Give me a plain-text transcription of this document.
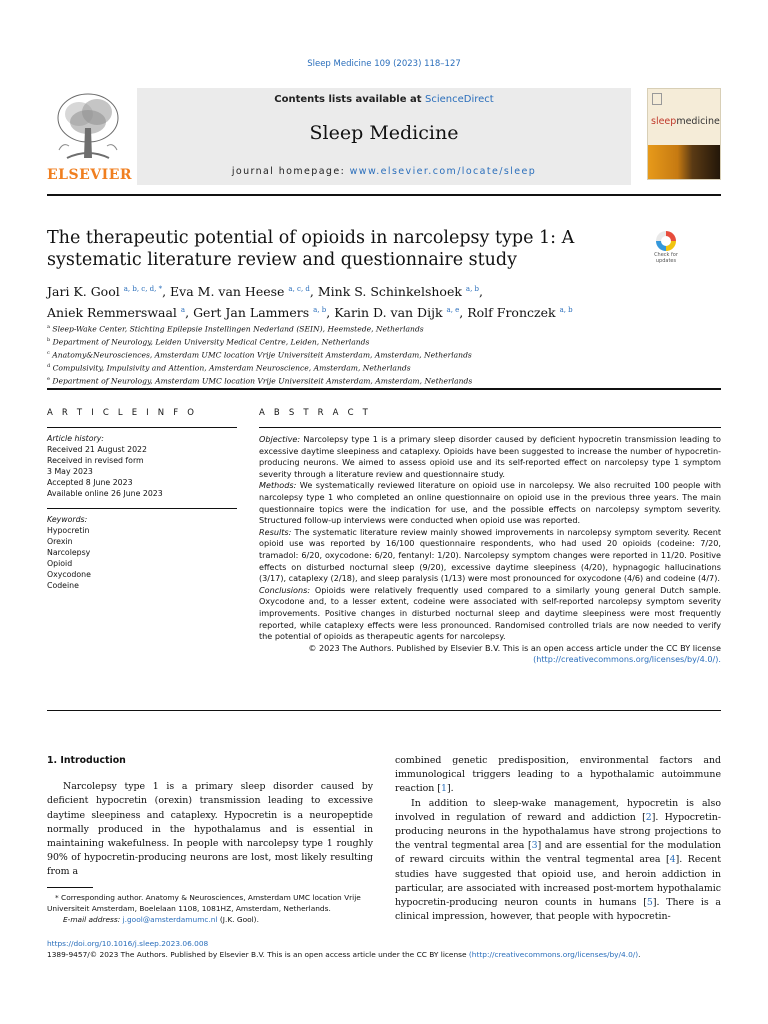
Sleep Medicine 109 (2023) 118–127
ELSEVIER
Contents lists available at ScienceDirect
Sleep Medicine
journal homepage: www.elsevier.com/locate/sleep
sleepmedicine
The therapeutic potential of opioids in narcolepsy type 1: A systematic literature review and questionnaire study	Check for updates
Jari K. Gool $^{a, b, c, d, *}$, Eva M. van Heese $^{a, c, d}$, Mink S. Schinkelshoek $^{a, b}$,
Aniek Remmerswaal $^a$, Gert Jan Lammers $^{a, b}$, Karin D. van Dijk $^{a, e}$, Rolf Fronczek $^{a, b}$
$^a$ Sleep-Wake Center, Stichting Epilepsie Instellingen Nederland (SEIN), Heemstede, Netherlands
$^b$ Department of Neurology, Leiden University Medical Centre, Leiden, Netherlands
$^c$ Anatomy&Neurosciences, Amsterdam UMC location Vrije Universiteit Amsterdam, Amsterdam, Netherlands
$^d$ Compulsivity, Impulsivity and Attention, Amsterdam Neuroscience, Amsterdam, Netherlands
$^e$ Department of Neurology, Amsterdam UMC location Vrije Universiteit Amsterdam, Amsterdam, Netherlands
A R T I C L E I N F O	A B S T R A C T
Article history:
Received 21 August 2022
Received in revised form
3 May 2023
Accepted 8 June 2023
Available online 26 June 2023
Keywords:
Hypocretin
Orexin
Narcolepsy
Opioid
Oxycodone
Codeine
Objective: Narcolepsy type 1 is a primary sleep disorder caused by deficient hypocretin transmission leading to excessive daytime sleepiness and cataplexy. Opioids have been suggested to increase the number of hypocretin-producing neurons. We aimed to assess opioid use and its self-reported effect on narcolepsy type 1 symptom severity through a literature review and questionnaire study.
Methods: We systematically reviewed literature on opioid use in narcolepsy. We also recruited 100 people with narcolepsy type 1 who completed an online questionnaire on opioid use in the previous three years. The main questionnaire topics were the indication for use, and the possible effects on narcolepsy symptom severity. Structured follow-up interviews were conducted when opioid use was reported.
Results: The systematic literature review mainly showed improvements in narcolepsy symptom severity. Recent opioid use was reported by 16/100 questionnaire respondents, who had used 20 opioids (codeine: 7/20, tramadol: 6/20, oxycodone: 6/20, fentanyl: 1/20). Narcolepsy symptom changes were reported in 11/20. Positive effects on disturbed nocturnal sleep (9/20), excessive daytime sleepiness (4/20), hypnagogic hallucinations (3/17), cataplexy (2/18), and sleep paralysis (1/13) were most pronounced for oxycodone (4/6) and codeine (4/7).
Conclusions: Opioids were relatively frequently used compared to a similarly young general Dutch sample. Oxycodone and, to a lesser extent, codeine were associated with self-reported narcolepsy symptom severity improvements. Positive changes in disturbed nocturnal sleep and daytime sleepiness were most frequently reported, while cataplexy effects were less pronounced. Randomised controlled trials are now needed to verify the potential of opioids as therapeutic agents for narcolepsy.
© 2023 The Authors. Published by Elsevier B.V. This is an open access article under the CC BY license
(http://creativecommons.org/licenses/by/4.0/).
1. Introduction
Narcolepsy type 1 is a primary sleep disorder caused by deficient hypocretin (orexin) transmission leading to excessive daytime sleepiness and cataplexy. Hypocretin is a neuropeptide normally produced in the hypothalamus and is essential in maintaining wakefulness. In people with narcolepsy type 1 roughly 90% of hypocretin-producing neurons are lost, most likely resulting from a
* Corresponding author. Anatomy & Neurosciences, Amsterdam UMC location Vrije Universiteit Amsterdam, Boelelaan 1108, 1081HZ, Amsterdam, Netherlands.
E-mail address: j.gool@amsterdamumc.nl (J.K. Gool).
combined genetic predisposition, environmental factors and immunological triggers leading to a hypothalamic autoimmune reaction [1].
In addition to sleep-wake management, hypocretin is also involved in regulation of reward and addiction [2]. Hypocretin-producing neurons in the hypothalamus have strong projections to the ventral tegmental area [3] and are essential for the modulation of reward circuits within the ventral tegmental area [4]. Recent studies have suggested that opioid use, and heroin addiction in particular, are associated with increased post-mortem hypothalamic hypocretin-producing neuron counts in humans [5]. There is a clinical impression, however, that people with hypocretin-
https://doi.org/10.1016/j.sleep.2023.06.008
1389-9457/© 2023 The Authors. Published by Elsevier B.V. This is an open access article under the CC BY license (http://creativecommons.org/licenses/by/4.0/).
